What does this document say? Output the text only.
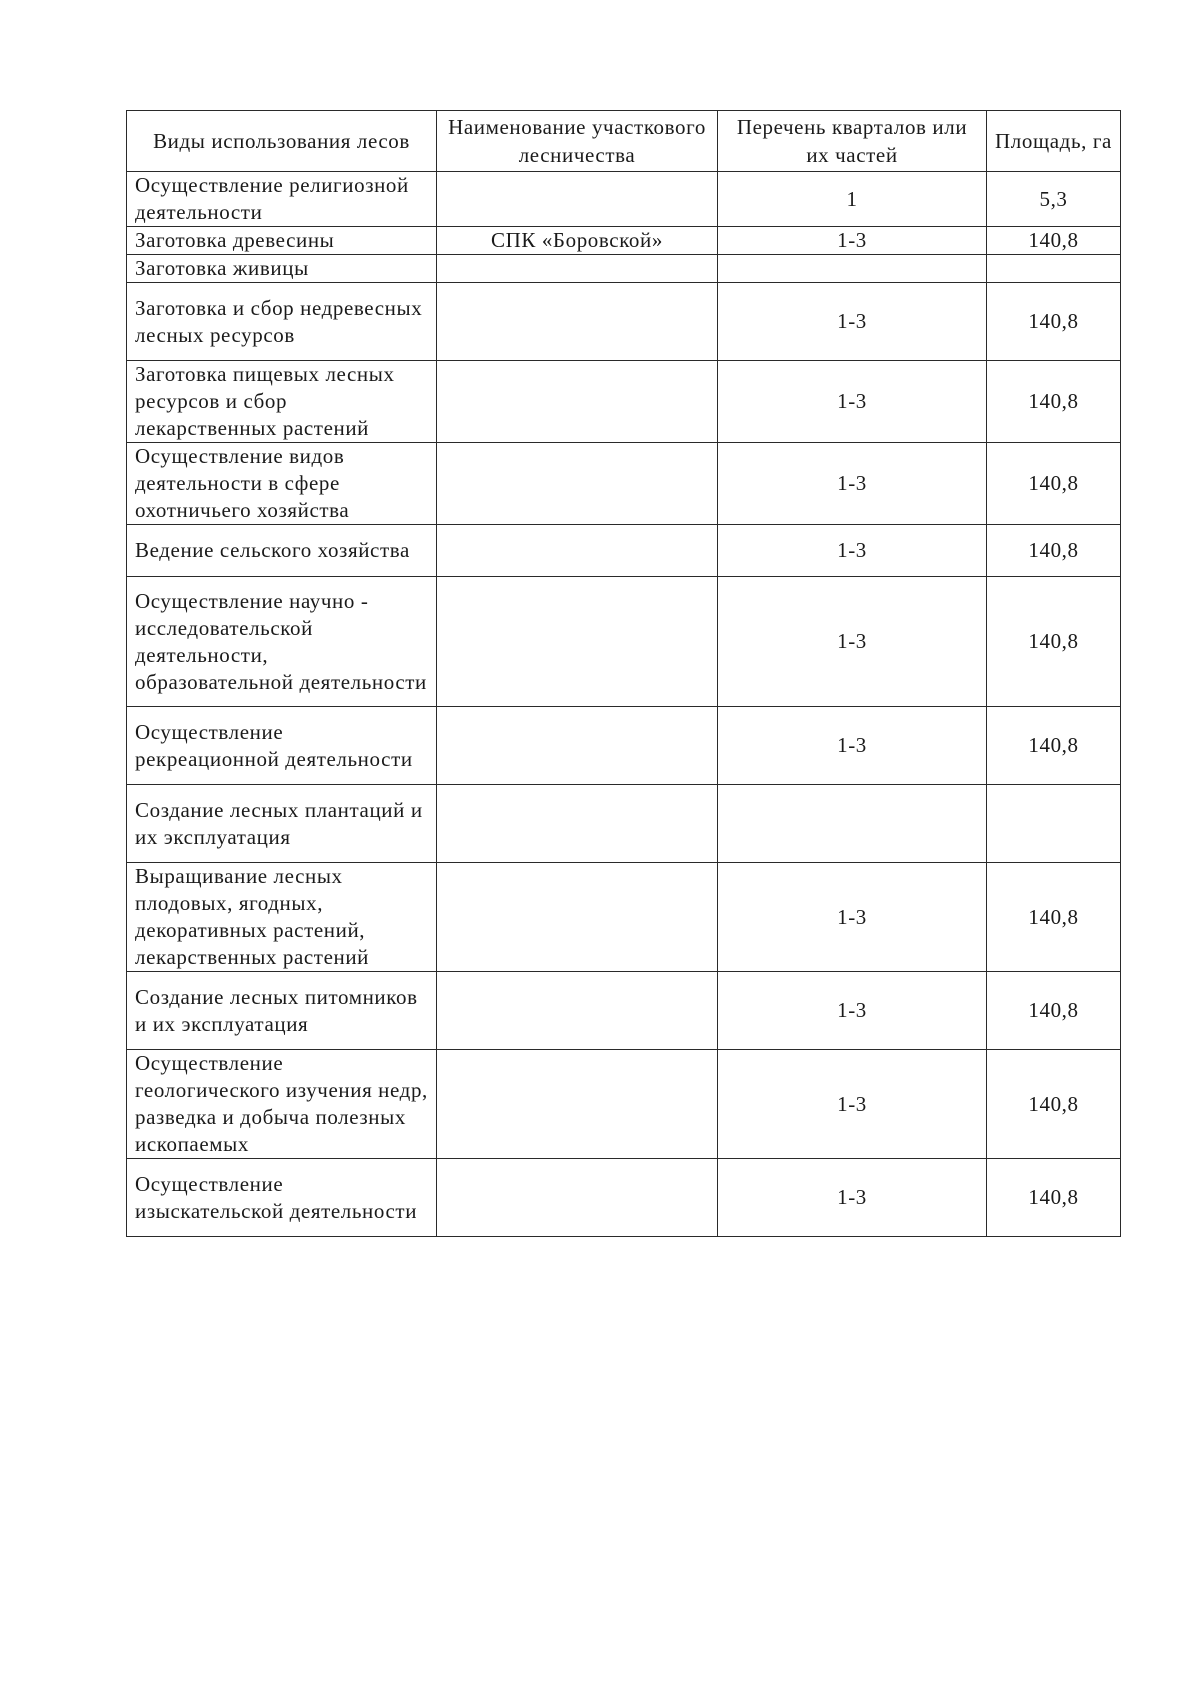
Виды использования лесов	Наименование участкового лесничества	Перечень кварталов или их частей	Площадь, га
Осуществление религиозной деятельности		1	5,3
Заготовка древесины	СПК «Боровской»	1-3	140,8
Заготовка живицы			
Заготовка и сбор недревесных лесных ресурсов		1-3	140,8
Заготовка пищевых лесных ресурсов и сбор лекарственных растений		1-3	140,8
Осуществление видов деятельности в сфере охотничьего хозяйства		1-3	140,8
Ведение сельского хозяйства		1-3	140,8
Осуществление научно - исследовательской деятельности, образовательной деятельности		1-3	140,8
Осуществление рекреационной деятельности		1-3	140,8
Создание лесных плантаций и их эксплуатация			
Выращивание лесных плодовых, ягодных, декоративных растений, лекарственных растений		1-3	140,8
Создание лесных питомников и их эксплуатация		1-3	140,8
Осуществление геологического изучения недр, разведка и добыча полезных ископаемых		1-3	140,8
Осуществление изыскательской деятельности		1-3	140,8
